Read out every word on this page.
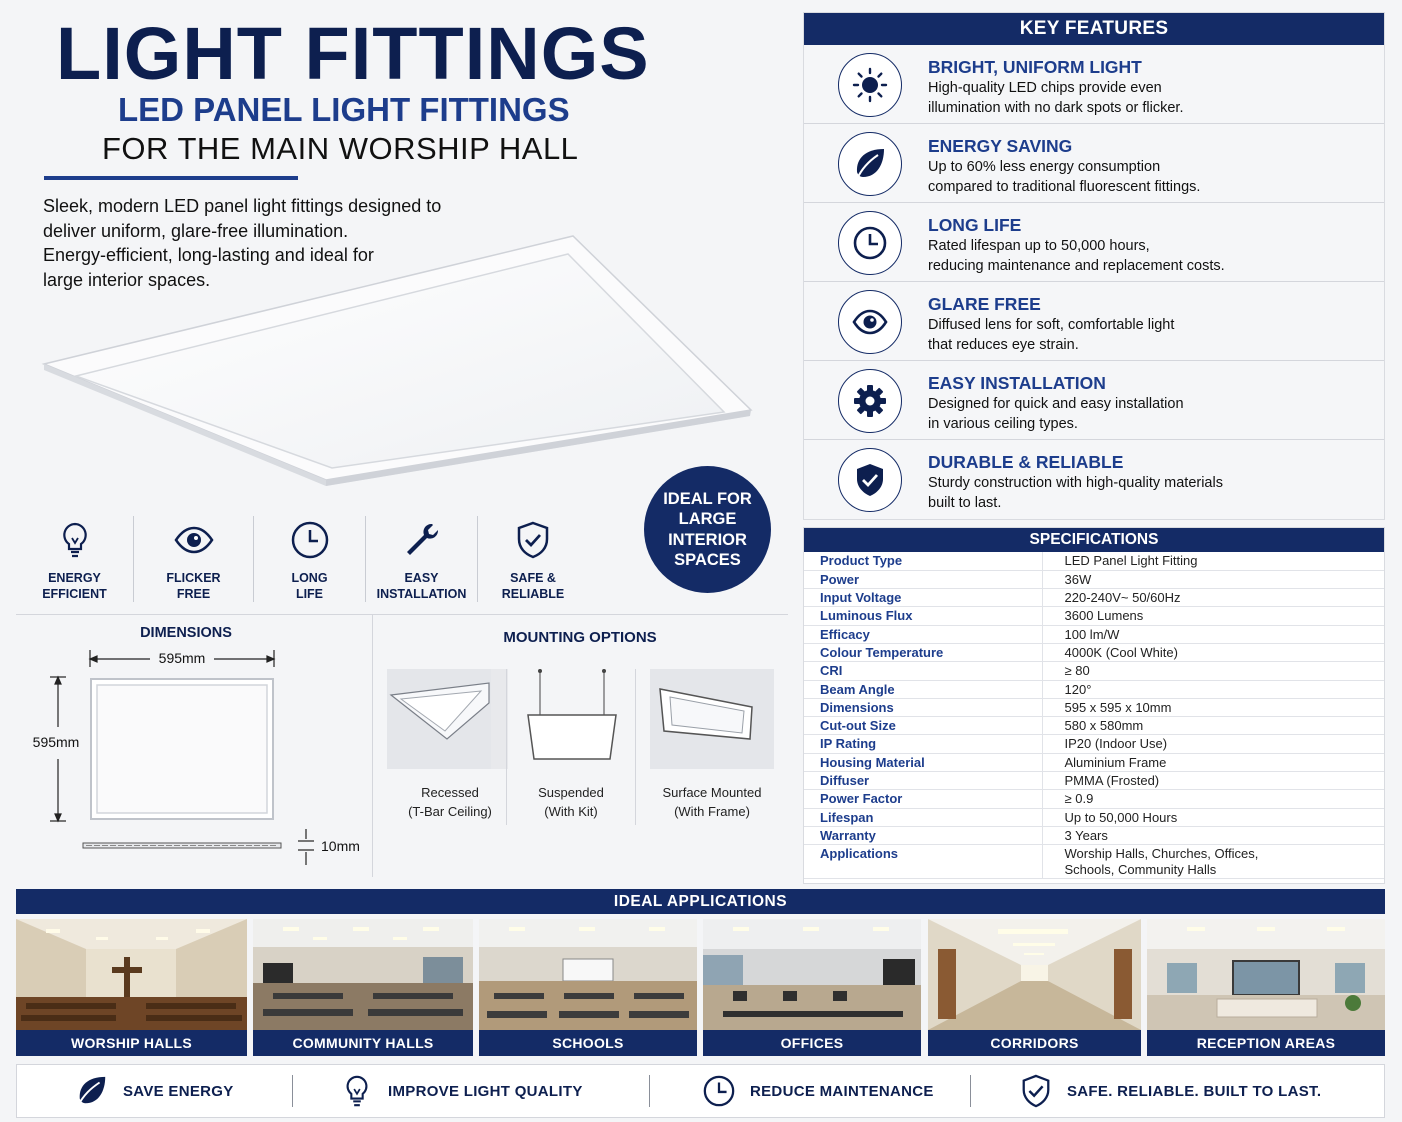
LIGHT FITTINGS
LED PANEL LIGHT FITTINGS
FOR THE MAIN WORSHIP HALL

Sleek, modern LED panel light fittings designed to

deliver uniform, glare-free illumination.

Energy-efficient, long-lasting and ideal for

large interior spaces.

IDEAL FOR
LARGE
INTERIOR
SPACES
ENERGY
EFFICIENT
FLICKER
FREE
LONG
LIFE
EASY
INSTALLATION
SAFE &
RELIABLE
DIMENSIONS
595mm
595mm
10mm
MOUNTING OPTIONS
Recessed
(T-Bar Ceiling)
Suspended
(With Kit)
Surface Mounted
(With Frame)
KEY FEATURES
BRIGHT, UNIFORM LIGHT
High-quality LED chips provide even
illumination with no dark spots or flicker.
ENERGY SAVING
Up to 60% less energy consumption
compared to traditional fluorescent fittings.
LONG LIFE
Rated lifespan up to 50,000 hours,
reducing maintenance and replacement costs.
GLARE FREE
Diffused lens for soft, comfortable light
that reduces eye strain.
EASY INSTALLATION
Designed for quick and easy installation
in various ceiling types.
DURABLE & RELIABLE
Sturdy construction with high-quality materials
built to last.
SPECIFICATIONS
Product Type	LED Panel Light Fitting

Power	36W

Input Voltage	220-240V~ 50/60Hz

Luminous Flux	3600 Lumens

Efficacy	100 lm/W

Colour Temperature	4000K (Cool White)

CRI	≥ 80

Beam Angle	120°

Dimensions	595 x 595 x 10mm

Cut-out Size	580 x 580mm

IP Rating	IP20 (Indoor Use)

Housing Material	Aluminium Frame

Diffuser	PMMA (Frosted)

Power Factor	≥ 0.9

Lifespan	Up to 50,000 Hours

Warranty	3 Years

Applications	Worship Halls, Churches, Offices,
Schools, Community Halls
IDEAL APPLICATIONS
WORSHIP HALLS	COMMUNITY HALLS	SCHOOLS	OFFICES	CORRIDORS	RECEPTION AREAS
SAVE ENERGY	IMPROVE LIGHT QUALITY	REDUCE MAINTENANCE	SAFE. RELIABLE. BUILT TO LAST.
